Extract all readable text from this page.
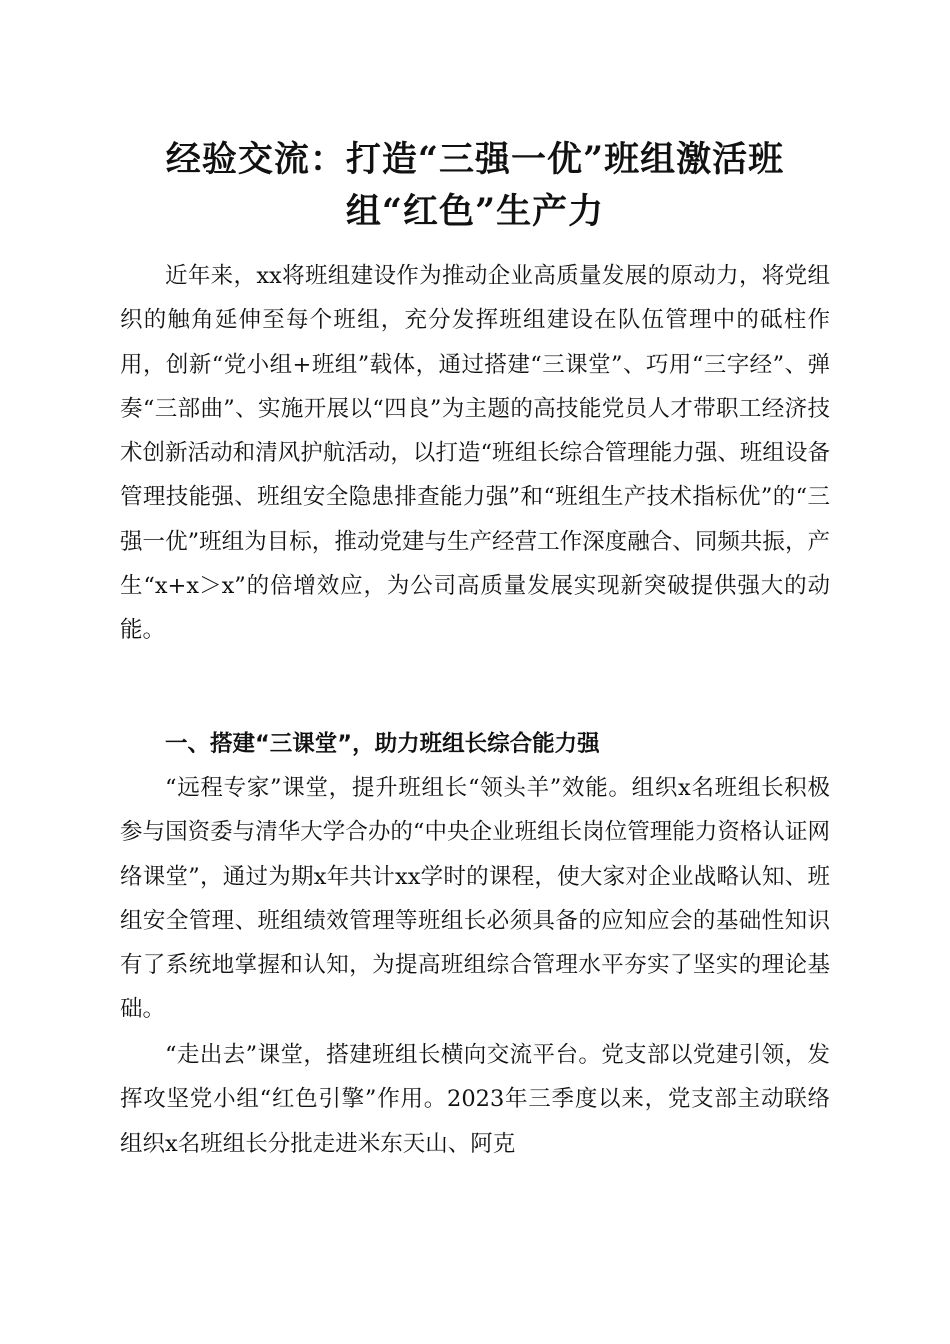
经验交流：打造“三强一优”班组激活班
组“红色”生产力

近年来，xx将班组建设作为推动企业高质量发展的原动力，将党组织的触角延伸至每个班组，充分发挥班组建设在队伍管理中的砥柱作用，创新“党小组+班组”载体，通过搭建“三课堂”、巧用“三字经”、弹奏“三部曲”、实施开展以“四良”为主题的高技能党员人才带职工经济技术创新活动和清风护航活动，以打造“班组长综合管理能力强、班组设备管理技能强、班组安全隐患排查能力强”和“班组生产技术指标优”的“三强一优”班组为目标，推动党建与生产经营工作深度融合、同频共振，产生“x+x＞x”的倍增效应，为公司高质量发展实现新突破提供强大的动能。

一、搭建“三课堂”，助力班组长综合能力强

“远程专家”课堂，提升班组长“领头羊”效能。组织x名班组长积极参与国资委与清华大学合办的“中央企业班组长岗位管理能力资格认证网络课堂”，通过为期x年共计xx学时的课程，使大家对企业战略认知、班组安全管理、班组绩效管理等班组长必须具备的应知应会的基础性知识有了系统地掌握和认知，为提高班组综合管理水平夯实了坚实的理论基础。

“走出去”课堂，搭建班组长横向交流平台。党支部以党建引领，发挥攻坚党小组“红色引擎”作用。2023年三季度以来，党支部主动联络组织x名班组长分批走进米东天山、阿克
